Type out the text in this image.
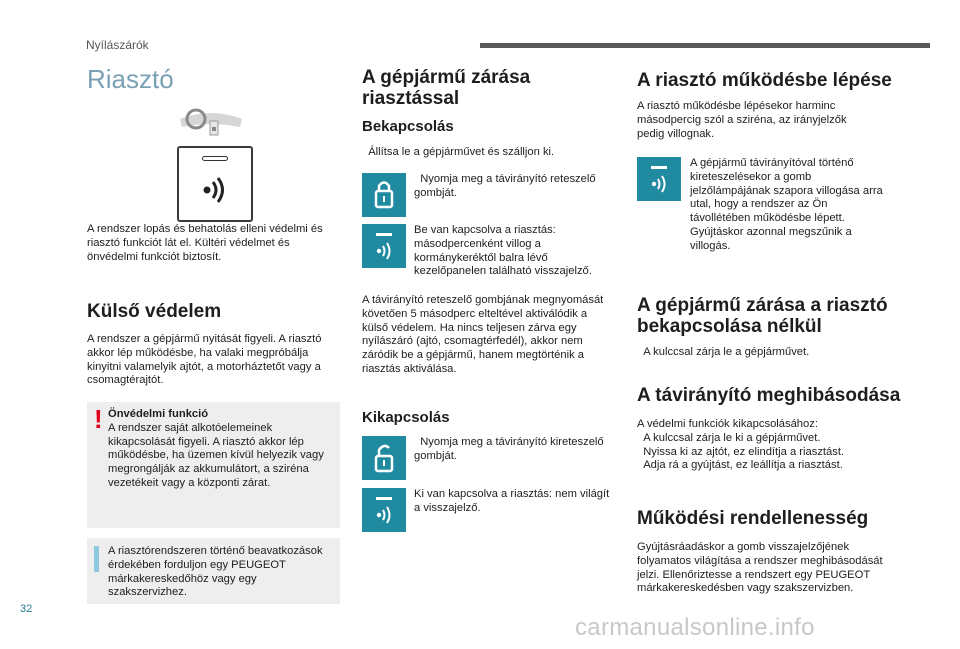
Nyílászárók
Riasztó
A rendszer lopás és behatolás elleni védelmi és riasztó funkciót lát el. Kültéri védelmet és önvédelmi funkciót biztosít.
Külső védelem
A rendszer a gépjármű nyitását figyeli. A riasztó akkor lép működésbe, ha valaki megpróbálja kinyitni valamelyik ajtót, a motorháztetőt vagy a csomagtérajtót.
! Önvédelmi funkció
A rendszer saját alkotóelemeinek kikapcsolását figyeli. A riasztó akkor lép működésbe, ha üzemen kívül helyezik vagy megrongálják az akkumulátort, a sziréna vezetékeit vagy a központi zárat.
A riasztórendszeren történő beavatkozások érdekében forduljon egy PEUGEOT márkakereskedőhöz vagy egy szakszervizhez.
A gépjármű zárása riasztással
Bekapcsolás
Állítsa le a gépjárművet és szálljon ki.
Nyomja meg a távirányító reteszelő gombját.
Be van kapcsolva a riasztás: másodpercenként villog a kormánykeréktől balra lévő kezelőpanelen található visszajelző.
A távirányító reteszelő gombjának megnyomását követően 5 másodperc elteltével aktiválódik a külső védelem. Ha nincs teljesen zárva egy nyílászáró (ajtó, csomagtérfedél), akkor nem záródik be a gépjármű, hanem megtörténik a riasztás aktiválása.
Kikapcsolás
Nyomja meg a távirányító kireteszelő gombját.
Ki van kapcsolva a riasztás: nem világít a visszajelző.
A riasztó működésbe lépése
A riasztó működésbe lépésekor harminc másodpercig szól a sziréna, az irányjelzők pedig villognak.
A gépjármű távirányítóval történő kireteszelésekor a gomb jelzőlámpájának szapora villogása arra utal, hogy a rendszer az Ön távollétében működésbe lépett. Gyújtáskor azonnal megszűnik a villogás.
A gépjármű zárása a riasztó bekapcsolása nélkül
A kulccsal zárja le a gépjárművet.
A távirányító meghibásodása
A védelmi funkciók kikapcsolásához:
A kulccsal zárja le ki a gépjárművet.
Nyissa ki az ajtót, ez elindítja a riasztást.
Adja rá a gyújtást, ez leállítja a riasztást.
Működési rendellenesség
Gyújtásráadáskor a gomb visszajelzőjének folyamatos világítása a rendszer meghibásodását jelzi. Ellenőriztesse a rendszert egy PEUGEOT márkakereskedésben vagy szakszervizben.
32
carmanualsonline.info
